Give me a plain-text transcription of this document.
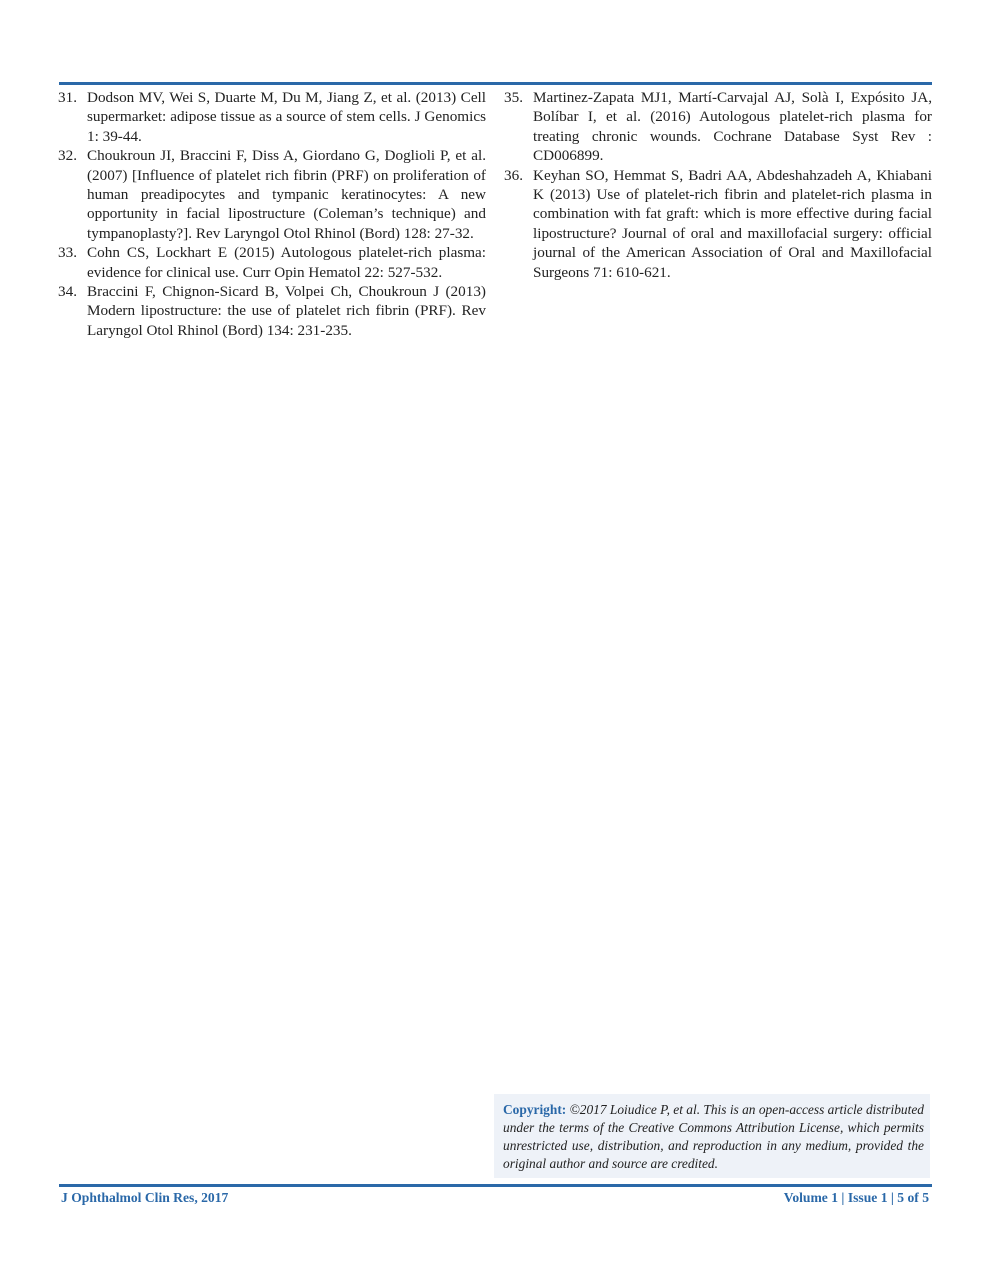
31. Dodson MV, Wei S, Duarte M, Du M, Jiang Z, et al. (2013) Cell supermarket: adipose tissue as a source of stem cells. J Genomics 1: 39-44.
32. Choukroun JI, Braccini F, Diss A, Giordano G, Doglioli P, et al. (2007) [Influence of platelet rich fibrin (PRF) on proliferation of human preadipocytes and tympanic keratinocytes: A new opportunity in facial lipostructure (Coleman’s technique) and tympanoplasty?]. Rev Laryngol Otol Rhinol (Bord) 128: 27-32.
33. Cohn CS, Lockhart E (2015) Autologous platelet-rich plasma: evidence for clinical use. Curr Opin Hematol 22: 527-532.
34. Braccini F, Chignon-Sicard B, Volpei Ch, Choukroun J (2013) Modern lipostructure: the use of platelet rich fibrin (PRF). Rev Laryngol Otol Rhinol (Bord) 134: 231-235.
35. Martinez-Zapata MJ1, Martí-Carvajal AJ, Solà I, Expósito JA, Bolíbar I, et al. (2016) Autologous platelet-rich plasma for treating chronic wounds. Cochrane Database Syst Rev : CD006899.
36. Keyhan SO, Hemmat S, Badri AA, Abdeshahzadeh A, Khiabani K (2013) Use of platelet-rich fibrin and platelet-rich plasma in combination with fat graft: which is more effective during facial lipostructure? Journal of oral and maxillofacial surgery: official journal of the American Association of Oral and Maxillofacial Surgeons 71: 610-621.
Copyright: ©2017 Loiudice P, et al. This is an open-access article distributed under the terms of the Creative Commons Attribution License, which permits unrestricted use, distribution, and reproduction in any medium, provided the original author and source are credited.
J Ophthalmol Clin Res, 2017	Volume 1 | Issue 1 | 5 of 5
